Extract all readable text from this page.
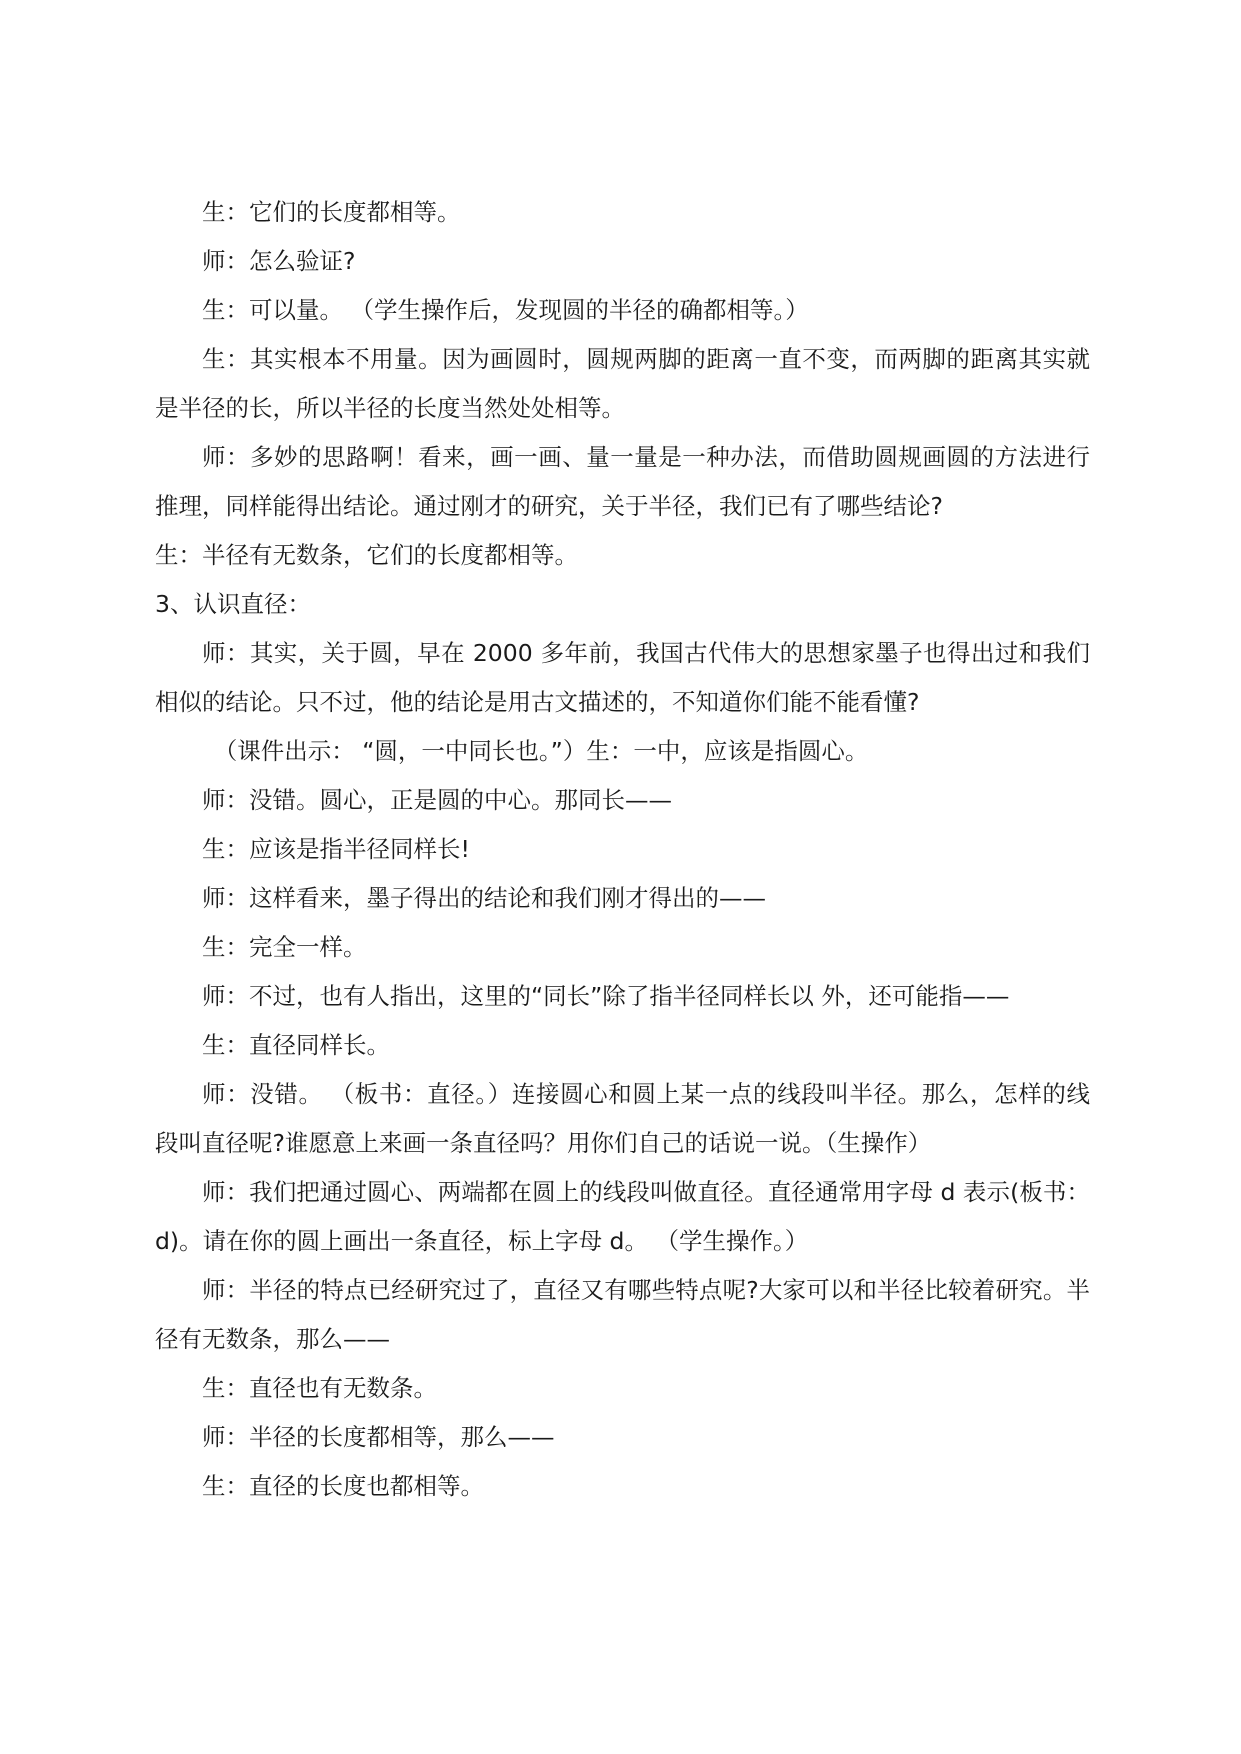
生：它们的长度都相等。

师：怎么验证?

生：可以量。 （学生操作后，发现圆的半径的确都相等。）

生：其实根本不用量。因为画圆时，圆规两脚的距离一直不变，而两脚的距离其实就是半径的长，所以半径的长度当然处处相等。

师：多妙的思路啊！看来，画一画、量一量是一种办法，而借助圆规画圆的方法进行推理，同样能得出结论。通过刚才的研究，关于半径，我们已有了哪些结论?

生：半径有无数条，它们的长度都相等。

3、认识直径：

师：其实，关于圆，早在 2000 多年前，我国古代伟大的思想家墨子也得出过和我们相似的结论。只不过，他的结论是用古文描述的，不知道你们能不能看懂?

（课件出示： “圆，一中同长也。”）生：一中，应该是指圆心。

师：没错。圆心，正是圆的中心。那同长——

生：应该是指半径同样长!

师：这样看来，墨子得出的结论和我们刚才得出的——

生：完全一样。

师：不过，也有人指出，这里的“同长”除了指半径同样长以 外，还可能指——

生：直径同样长。

师：没错。 （板书：直径。）连接圆心和圆上某一点的线段叫半径。那么，怎样的线段叫直径呢?谁愿意上来画一条直径吗？用你们自己的话说一说。（生操作）

师：我们把通过圆心、两端都在圆上的线段叫做直径。直径通常用字母 d 表示(板书：d)。请在你的圆上画出一条直径，标上字母 d。 （学生操作。）

师：半径的特点已经研究过了，直径又有哪些特点呢?大家可以和半径比较着研究。半径有无数条，那么——

生：直径也有无数条。

师：半径的长度都相等，那么——

生：直径的长度也都相等。
